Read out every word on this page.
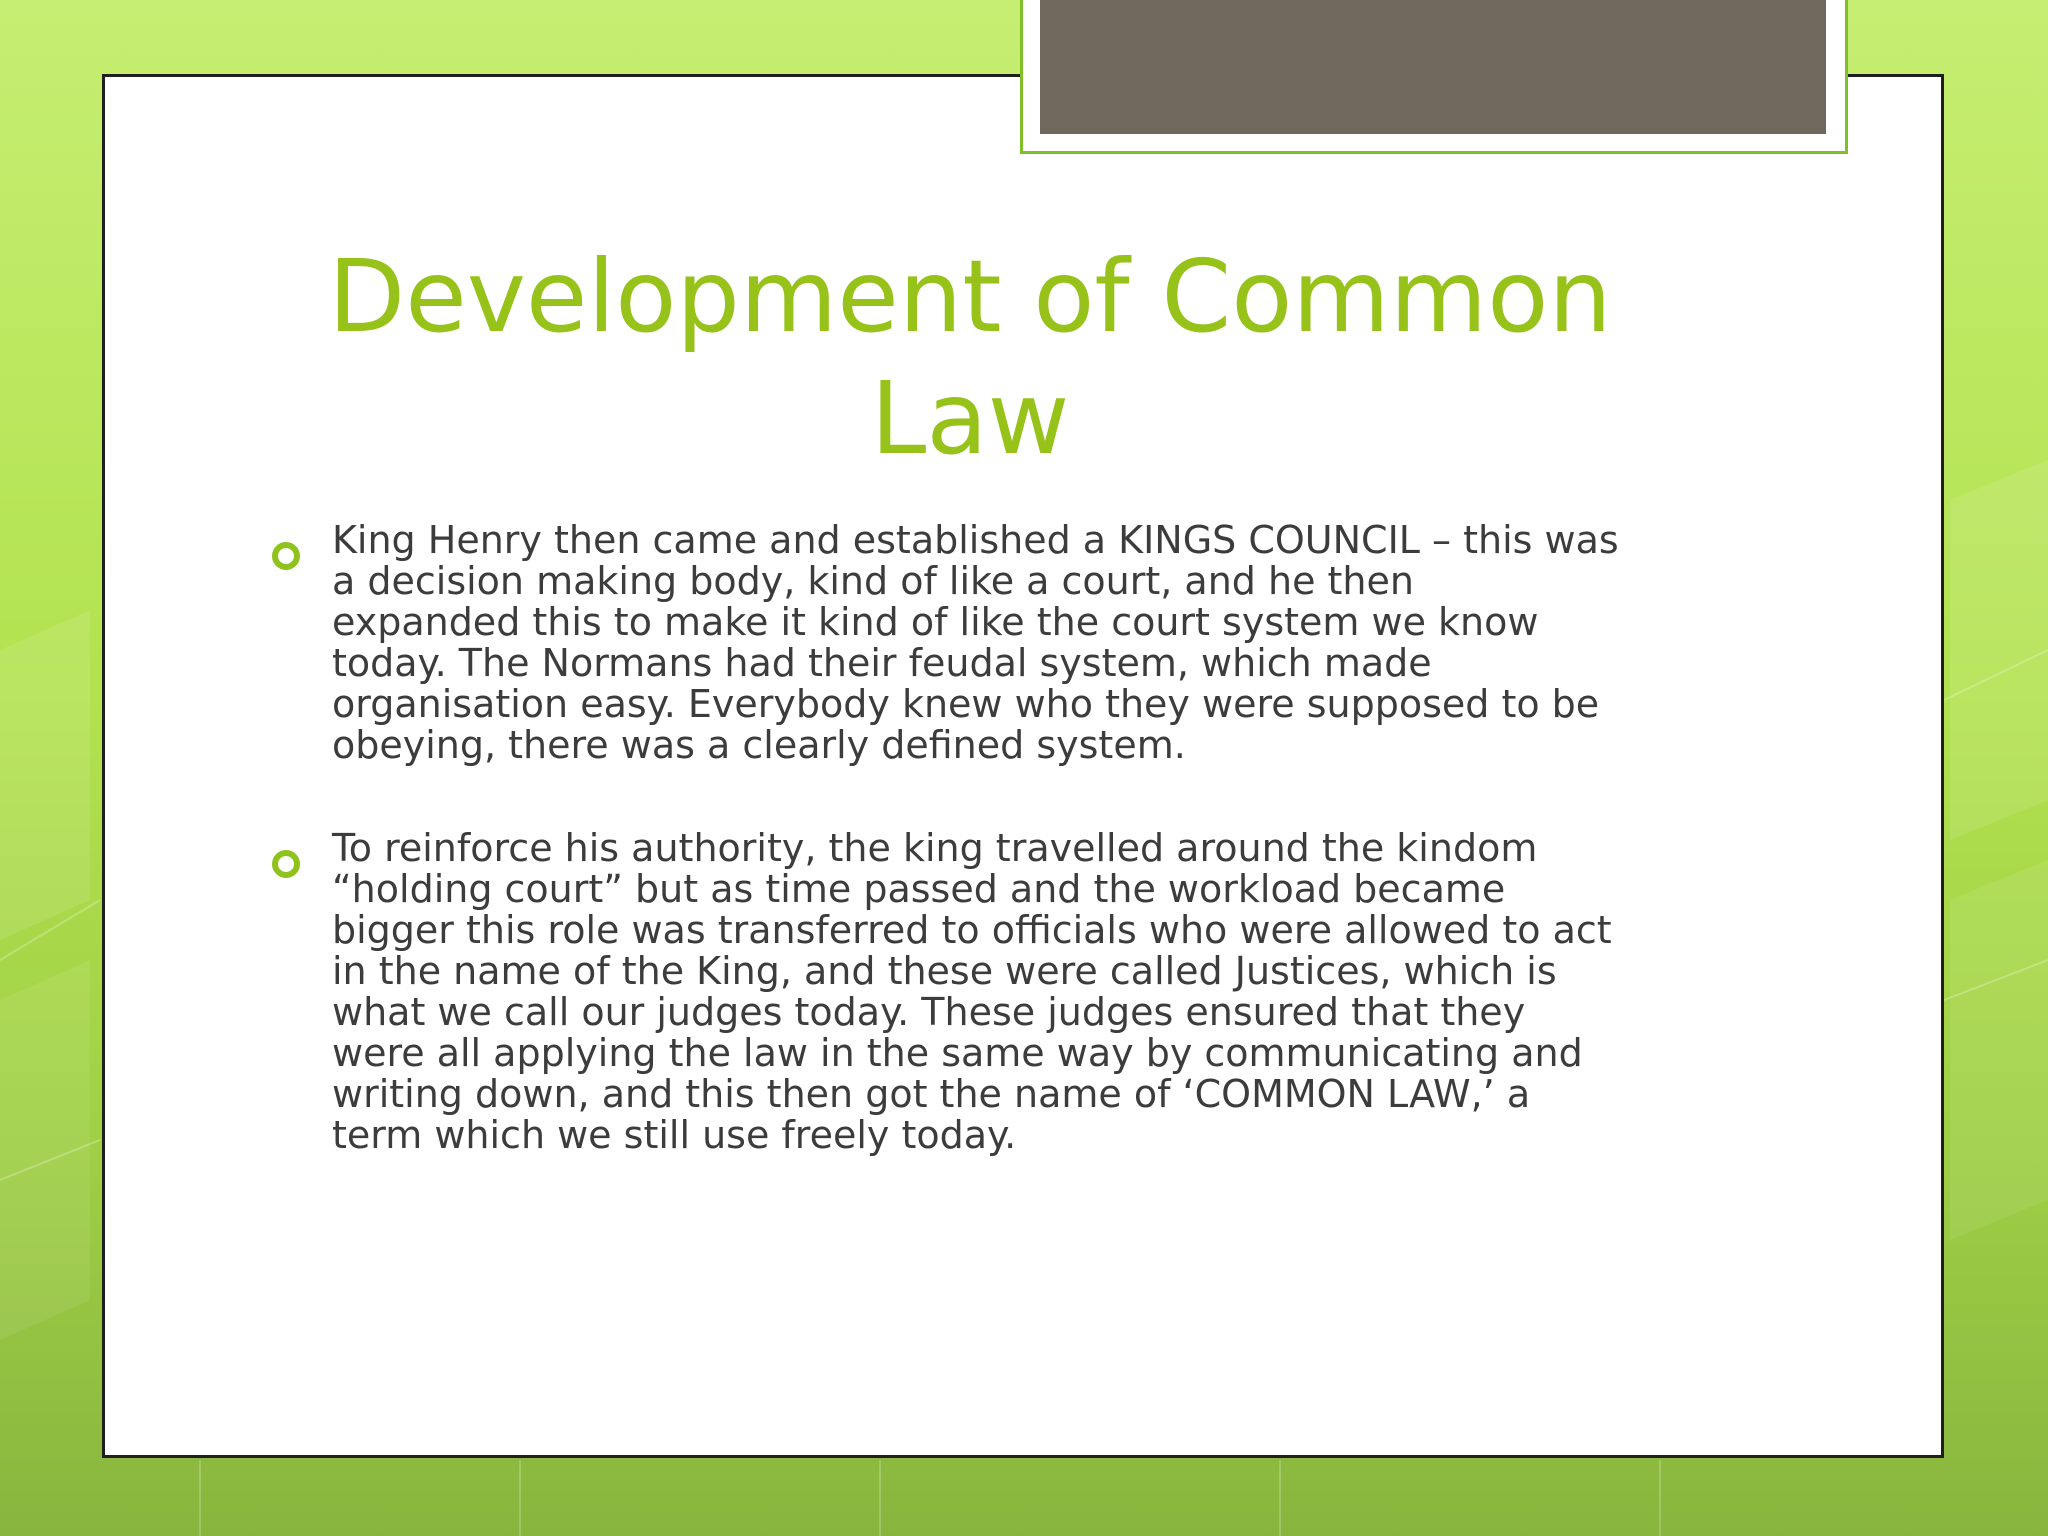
Development of Common
Law
King Henry then came and established a KINGS COUNCIL – this was
a decision making body, kind of like a court, and he then
expanded this to make it kind of like the court system we know
today. The Normans had their feudal system, which made
organisation easy. Everybody knew who they were supposed to be
obeying, there was a clearly defined system.
To reinforce his authority, the king travelled around the kindom
“holding court” but as time passed and the workload became
bigger this role was transferred to officials who were allowed to act
in the name of the King, and these were called Justices, which is
what we call our judges today. These judges ensured that they
were all applying the law in the same way by communicating and
writing down, and this then got the name of ‘COMMON LAW,’ a
term which we still use freely today.
